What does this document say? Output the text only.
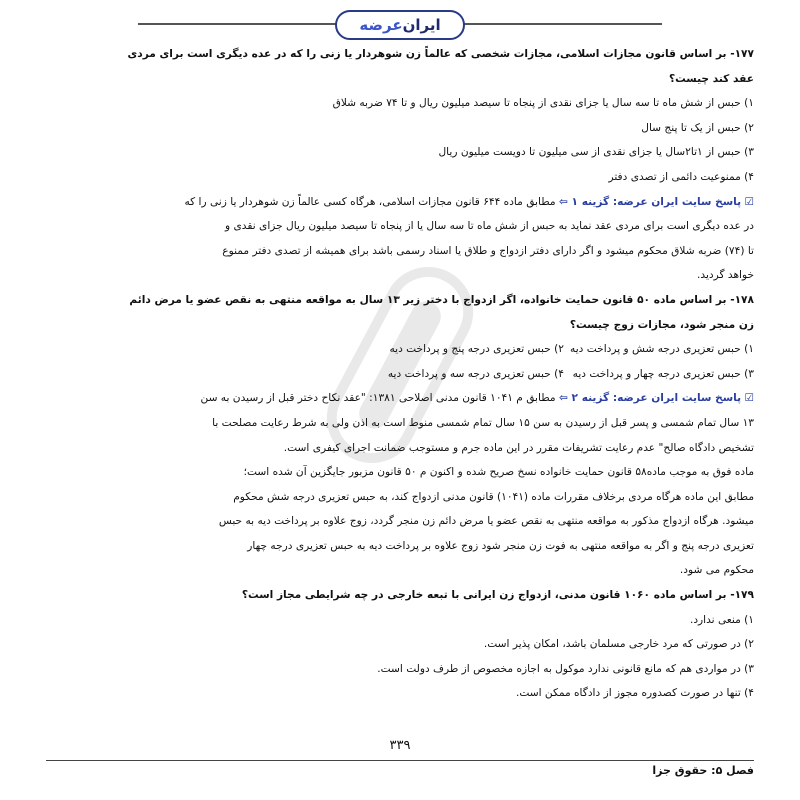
ایران
عرضه
۱۷۷- بر اساس قانون مجازات اسلامی، مجازات شخصی که عالماً زن شوهردار یا زنی را که در عده دیگری است برای مردی
عقد کند چیست؟
۱) حبس از شش ماه تا سه سال یا جزای نقدی از پنجاه تا سیصد میلیون ریال و تا ۷۴ ضربه شلاق
۲) حبس از یک تا پنج سال
۳) حبس از ۱تا۲سال یا جزای نقدی از سی میلیون تا دویست میلیون ریال
۴) ممنوعیت دائمی از تصدی دفتر
☑ پاسخ سایت ایران عرضه: گزینه ۱ ⇦ مطابق ماده ۶۴۴ قانون مجازات اسلامی، هرگاه کسی عالماً زن شوهردار یا زنی را که
در عده دیگری است برای مردی عقد نماید به حبس از شش ماه تا سه سال یا از پنجاه تا سیصد میلیون ریال جزای نقدی و
تا (۷۴) ضربه شلاق محکوم میشود و اگر دارای دفتر ازدواج و طلاق یا اسناد رسمی باشد برای همیشه از تصدی دفتر ممنوع
خواهد گردید.
۱۷۸- بر اساس ماده ۵۰ قانون حمایت خانواده، اگر ازدواج با دختر زیر ۱۳ سال به مواقعه منتهی به نقص عضو یا مرض دائم
زن منجر شود، مجازات زوج چیست؟
۱) حبس تعزیری درجه شش و پرداخت دیه
۲) حبس تعزیری درجه پنج و پرداخت دیه
۳) حبس تعزیری درجه چهار و پرداخت دیه
۴) حبس تعزیری درجه سه و پرداخت دیه
☑ پاسخ سایت ایران عرضه: گزینه ۲ ⇦ مطابق م ۱۰۴۱ قانون مدنی اصلاحی ۱۳۸۱: "عقد نکاح دختر قبل از رسیدن به سن
۱۳ سال تمام شمسی و پسر قبل از رسیدن به سن ۱۵ سال تمام شمسی منوط است به اذن ولی به شرط رعایت مصلحت با
تشخیص دادگاه صالح" عدم رعایت تشریفات مقرر در این ماده جرم و مستوجب ضمانت اجرای کیفری است.
ماده فوق به موجب ماده۵۸ قانون حمایت خانواده نسخ صریح شده و اکنون م ۵۰ قانون مزبور جایگزین آن شده است؛
مطابق این ماده هرگاه مردی برخلاف مقررات ماده (۱۰۴۱) قانون مدنی ازدواج کند، به حبس تعزیری درجه شش محکوم
میشود. هرگاه ازدواج مذکور به مواقعه منتهی به نقص عضو یا مرض دائم زن منجر گردد، زوج علاوه بر پرداخت دیه به حبس
تعزیری درجه پنج و اگر به مواقعه منتهی به فوت زن منجر شود زوج علاوه بر پرداخت دیه به حبس تعزیری درجه چهار
محکوم می شود.
۱۷۹- بر اساس ماده ۱۰۶۰ قانون مدنی، ازدواج زن ایرانی با تبعه خارجی در چه شرایطی مجاز است؟
۱) منعی ندارد.
۲) در صورتی که مرد خارجی مسلمان باشد، امکان پذیر است.
۳) در مواردی هم که مانع قانونی ندارد موکول به اجازه مخصوص از طرف دولت است.
۴) تنها در صورت کصدوره مجوز از دادگاه ممکن است.
۳۳۹
فصل ۵: حقوق جزا
